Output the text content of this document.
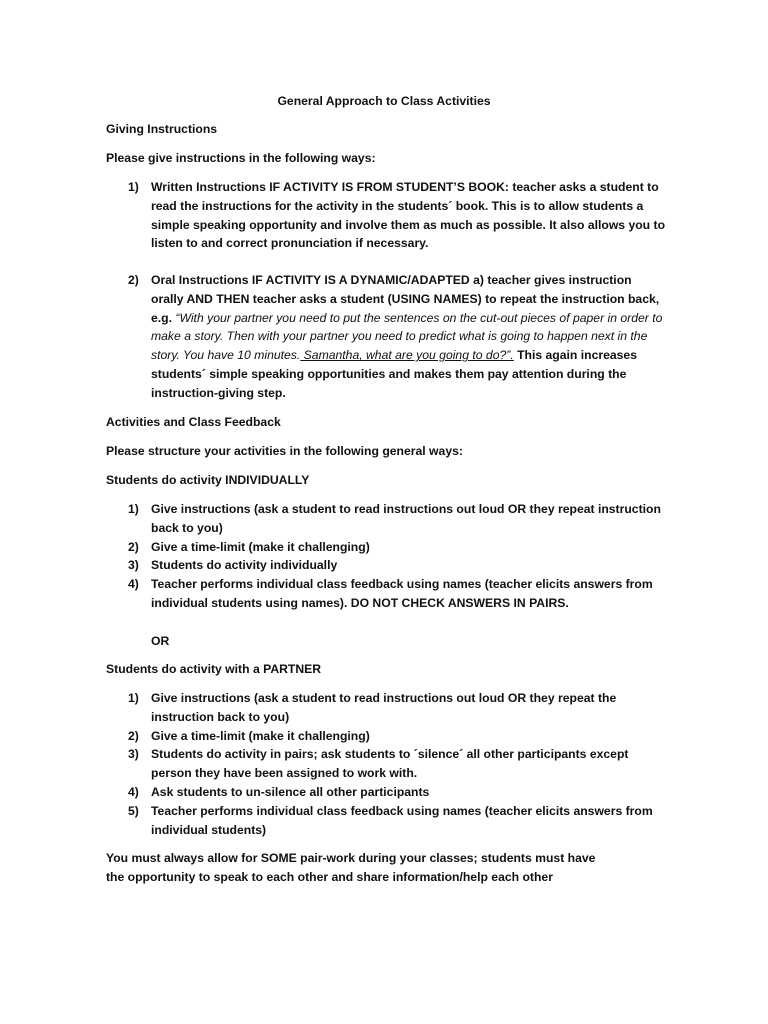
General Approach to Class Activities
Giving Instructions
Please give instructions in the following ways:
1) Written Instructions IF ACTIVITY IS FROM STUDENT’S BOOK: teacher asks a student to read the instructions for the activity in the students´ book. This is to allow students a simple speaking opportunity and involve them as much as possible. It also allows you to listen to and correct pronunciation if necessary.
2) Oral Instructions IF ACTIVITY IS A DYNAMIC/ADAPTED a) teacher gives instruction orally AND THEN teacher asks a student (USING NAMES) to repeat the instruction back, e.g. “With your partner you need to put the sentences on the cut-out pieces of paper in order to make a story. Then with your partner you need to predict what is going to happen next in the story. You have 10 minutes. Samantha, what are you going to do?”. This again increases students´ simple speaking opportunities and makes them pay attention during the instruction-giving step.
Activities and Class Feedback
Please structure your activities in the following general ways:
Students do activity INDIVIDUALLY
1) Give instructions (ask a student to read instructions out loud OR they repeat instruction back to you)
2) Give a time-limit (make it challenging)
3) Students do activity individually
4) Teacher performs individual class feedback using names (teacher elicits answers from individual students using names). DO NOT CHECK ANSWERS IN PAIRS.
OR
Students do activity with a PARTNER
1) Give instructions (ask a student to read instructions out loud OR they repeat the instruction back to you)
2) Give a time-limit (make it challenging)
3) Students do activity in pairs; ask students to ´silence´ all other participants except person they have been assigned to work with.
4) Ask students to un-silence all other participants
5) Teacher performs individual class feedback using names (teacher elicits answers from individual students)
You must always allow for SOME pair-work during your classes; students must have the opportunity to speak to each other and share information/help each other
